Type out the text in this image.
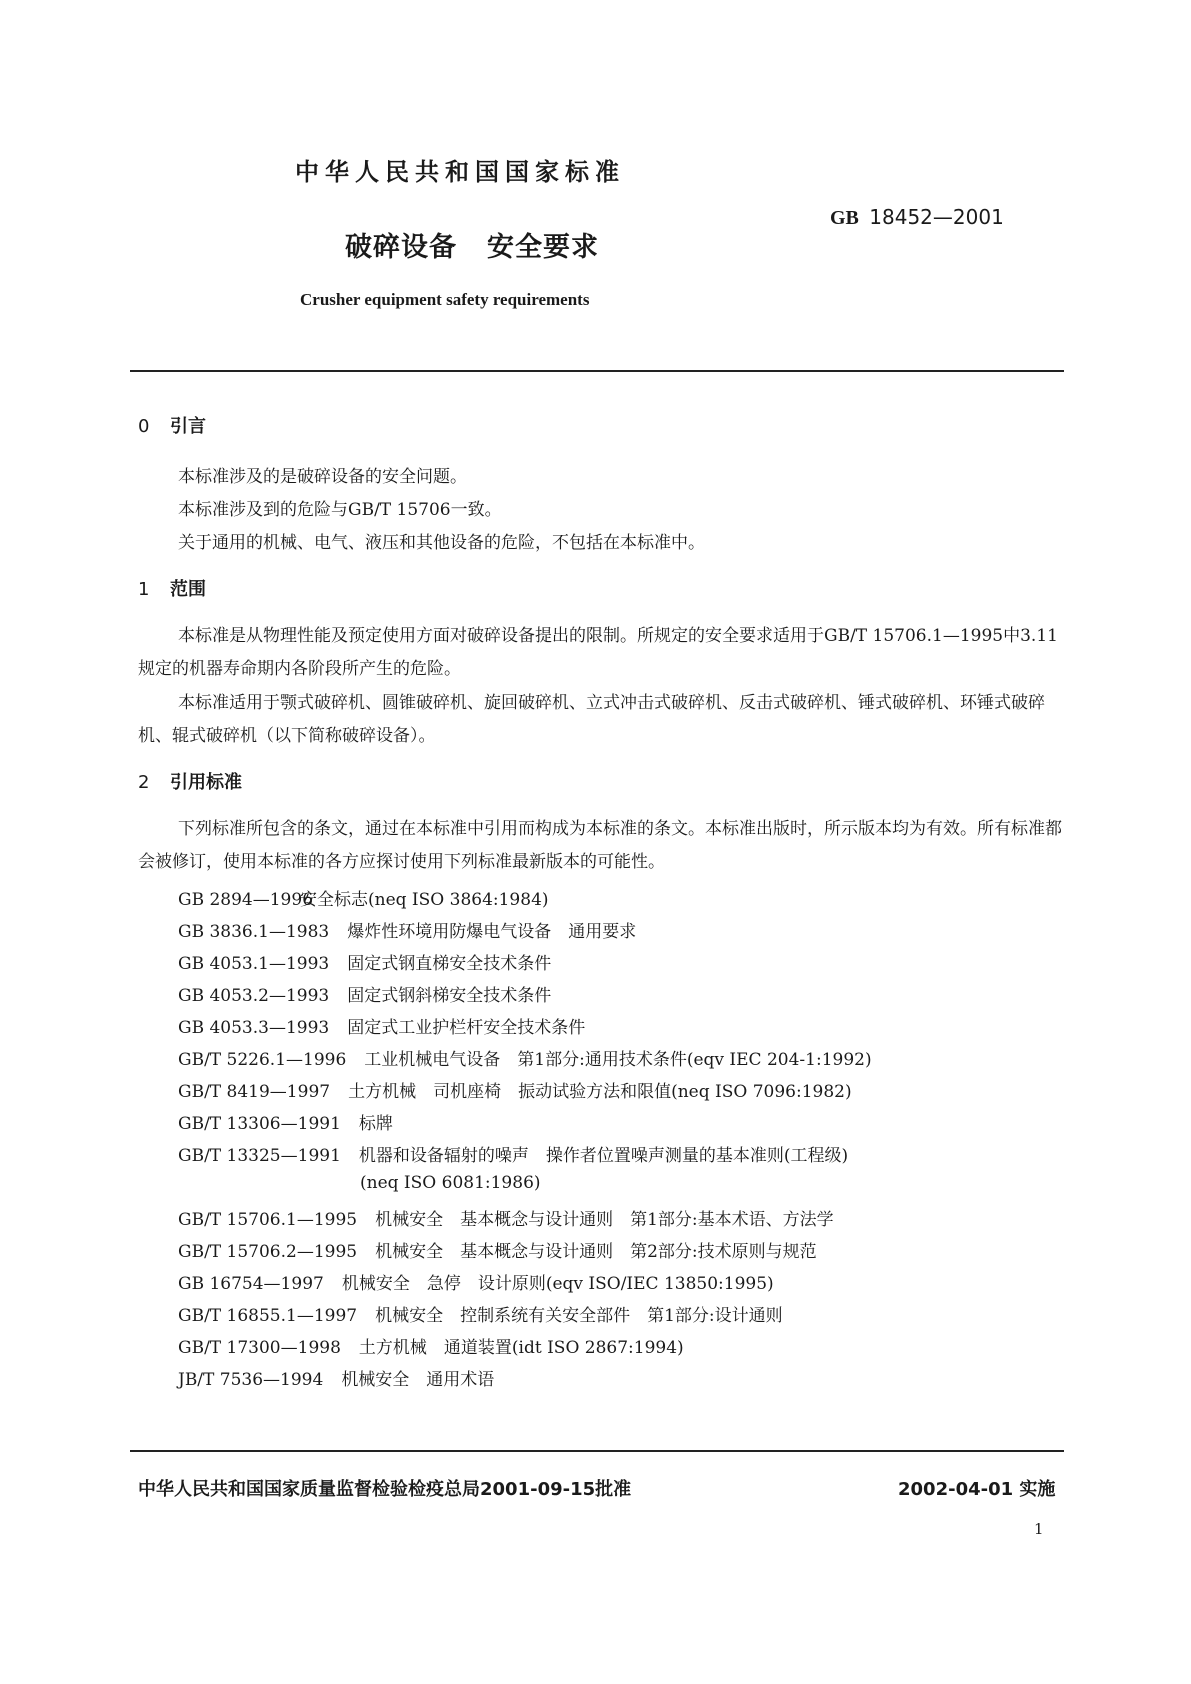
中华人民共和国国家标准
GB 18452—2001
破碎设备 安全要求
Crusher equipment safety requirements
0 引言
本标准涉及的是破碎设备的安全问题。
本标准涉及到的危险与GB/T 15706一致。
关于通用的机械、电气、液压和其他设备的危险，不包括在本标准中。
1 范围
本标准是从物理性能及预定使用方面对破碎设备提出的限制。所规定的安全要求适用于GB/T 15706.1—1995中3.11规定的机器寿命期内各阶段所产生的危险。
本标准适用于颚式破碎机、圆锥破碎机、旋回破碎机、立式冲击式破碎机、反击式破碎机、锤式破碎机、环锤式破碎机、辊式破碎机（以下简称破碎设备）。
2 引用标准
下列标准所包含的条文，通过在本标准中引用而构成为本标准的条文。本标准出版时，所示版本均为有效。所有标准都会被修订，使用本标准的各方应探讨使用下列标准最新版本的可能性。
GB 2894—1996安全标志(neq ISO 3864:1984)
GB 3836.1—1983 爆炸性环境用防爆电气设备　通用要求
GB 4053.1—1993 固定式钢直梯安全技术条件
GB 4053.2—1993 固定式钢斜梯安全技术条件
GB 4053.3—1993 固定式工业护栏杆安全技术条件
GB/T 5226.1—1996 工业机械电气设备　第1部分:通用技术条件(eqv IEC 204-1:1992)
GB/T 8419—1997 土方机械　司机座椅　振动试验方法和限值(neq ISO 7096:1982)
GB/T 13306—1991 标牌
GB/T 13325—1991 机器和设备辐射的噪声　操作者位置噪声测量的基本准则(工程级)
(neq ISO 6081:1986)
GB/T 15706.1—1995 机械安全　基本概念与设计通则　第1部分:基本术语、方法学
GB/T 15706.2—1995 机械安全　基本概念与设计通则　第2部分:技术原则与规范
GB 16754—1997 机械安全　急停　设计原则(eqv ISO/IEC 13850:1995)
GB/T 16855.1—1997 机械安全　控制系统有关安全部件　第1部分:设计通则
GB/T 17300—1998 土方机械　通道装置(idt ISO 2867:1994)
JB/T 7536—1994 机械安全　通用术语
中华人民共和国国家质量监督检验检疫总局2001-09-15批准	2002-04-01 实施
1
